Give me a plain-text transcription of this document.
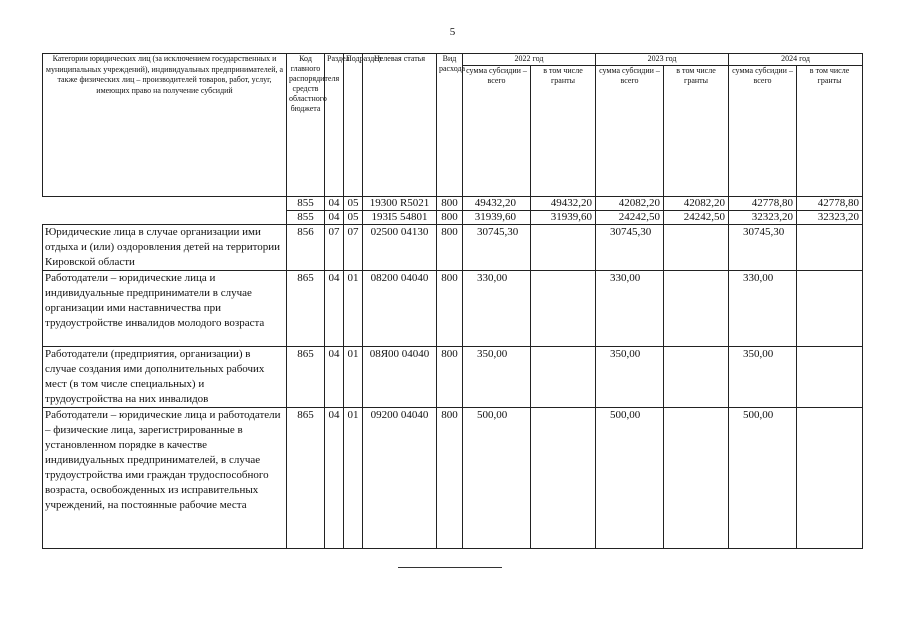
5
Категории юридических лиц (за исключением государственных и муниципальных учреждений), индивидуальных предпринимателей, а также физических лиц – производителей товаров, работ, услуг, имеющих право на получение субсидий	Код главного распорядителя средств областного бюджета	Раздел	Подраздел	Целевая статья	Вид расхода	2022 год		2023 год		2024 год	
						сумма субсидии – всего	в том числе гранты	сумма субсидии – всего	в том числе гранты	сумма субсидии – всего	в том числе гранты
	855	04	05	19300 R5021	800	49432,20	49432,20	42082,20	42082,20	42778,80	42778,80
	855	04	05	193I5 54801	800	31939,60	31939,60	24242,50	24242,50	32323,20	32323,20
Юридические лица в случае организации ими отдыха и (или) оздоровления детей на территории Кировской области	856	07	07	02500 04130	800	30745,30		30745,30		30745,30	
Работодатели – юридические лица и индивидуальные предприниматели в случае организации ими наставничества при трудоустройстве инвалидов молодого возраста	865	04	01	08200 04040	800	330,00		330,00		330,00	
Работодатели (предприятия, организации) в случае создания ими дополнительных рабочих мест (в том числе специальных) и трудоустройства на них инвалидов	865	04	01	08Я00 04040	800	350,00		350,00		350,00	
Работодатели – юридические лица и работодатели – физические лица, зарегистрированные в установленном порядке в качестве индивидуальных предпринимателей, в случае трудоустройства ими граждан трудоспособного возраста, освобожденных из исправительных учреждений, на постоянные рабочие места	865	04	01	09200 04040	800	500,00		500,00		500,00	
